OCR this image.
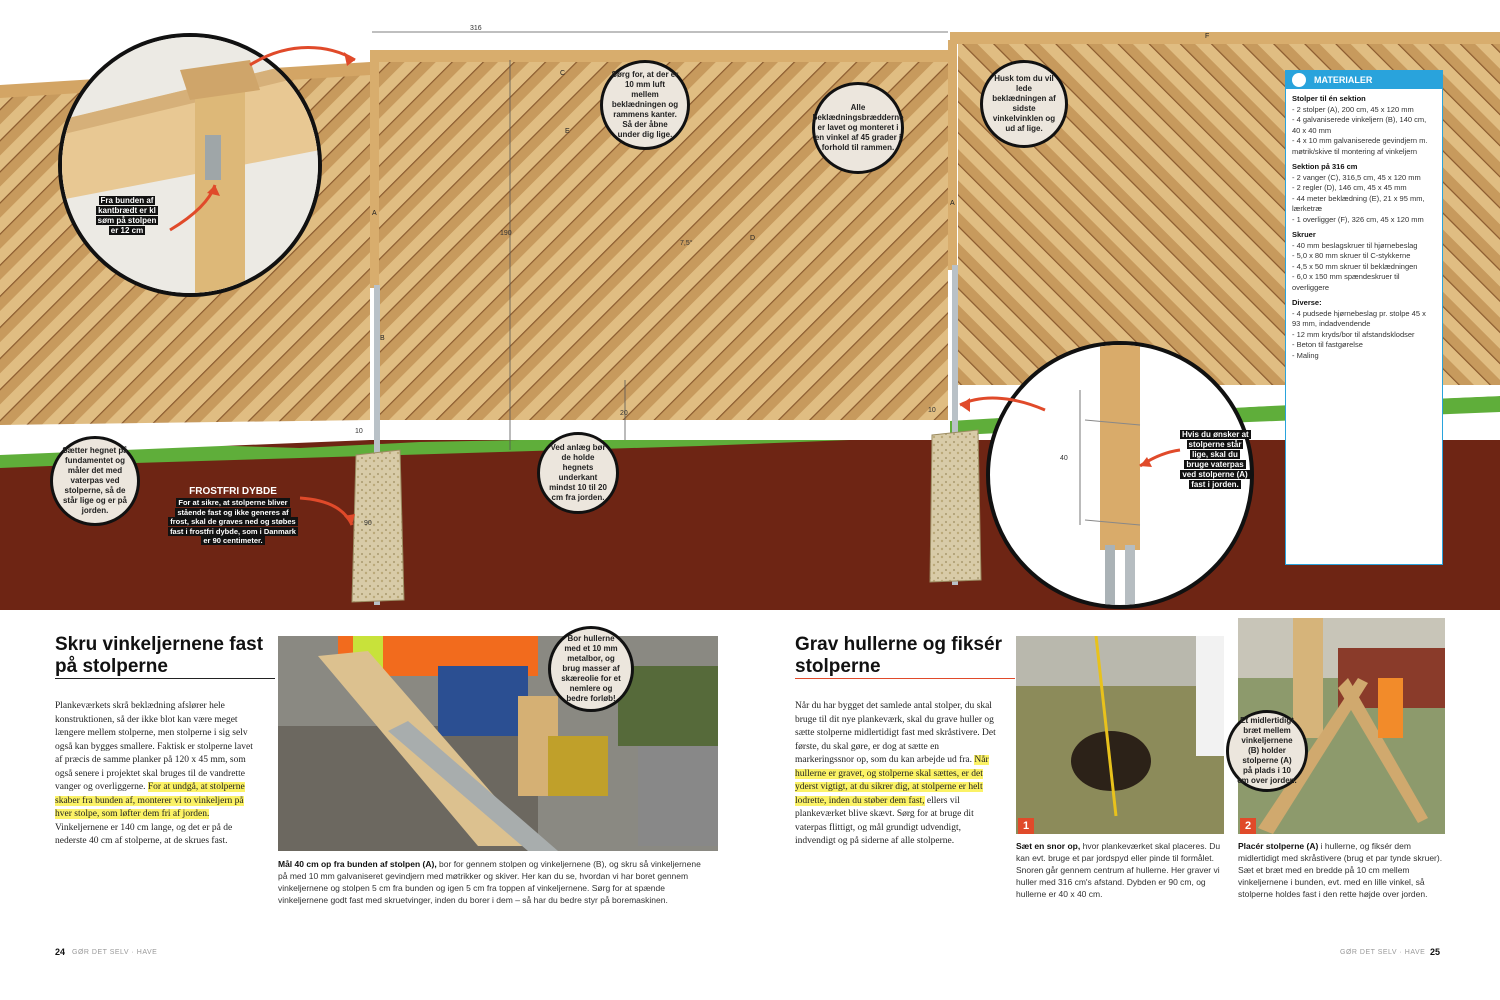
316
190
7,5°
20
10
10
90
A
A
E
C
D
F
B
40
Fra bunden af kantbrædt er kl søm på stolpen er 12 cm
FROSTFRI DYBDE
For at sikre, at stolperne bliver stående fast og ikke generes af frost, skal de graves ned og støbes fast i frostfri dybde, som i Danmark er 90 centimeter.
Hvis du ønsker at stolperne står lige, skal du bruge vaterpas ved stolperne (A) fast i jorden.
Sørg for, at der er 10 mm luft mellem beklædningen og rammens kanter. Så der åbne under dig lige.
Alle beklædningsbrædderne er lavet og monteret i en vinkel af 45 grader i forhold til rammen.
Husk tom du vil lede beklædningen af sidste vinkelvinklen og ud af lige.
Sætter hegnet på fundamentet og måler det med vaterpas ved stolperne, så de står lige og er på jorden.
Ved anlæg bør de holde hegnets underkant mindst 10 til 20 cm fra jorden.
MATERIALER
Stolper til én sektion
- 2 stolper (A), 200 cm, 45 x 120 mm
- 4 galvaniserede vinkeljern (B), 140 cm, 40 x 40 mm
- 4 x 10 mm galvaniserede gevindjern m. møtrik/skive til montering af vinkeljern
Sektion på 316 cm
- 2 vanger (C), 316,5 cm, 45 x 120 mm
- 2 regler (D), 146 cm, 45 x 45 mm
- 44 meter beklædning (E), 21 x 95 mm, lærketræ
- 1 overligger (F), 326 cm, 45 x 120 mm
Skruer
- 40 mm beslagskruer til hjørnebeslag
- 5,0 x 80 mm skruer til C-stykkerne
- 4,5 x 50 mm skruer til beklædningen
- 6,0 x 150 mm spændeskruer til overliggere
Diverse:
- 4 pudsede hjørnebeslag pr. stolpe 45 x 93 mm, indadvendende
- 12 mm kryds/bor til afstandsklodser
- Beton til fastgørelse
- Maling
Skru vinkeljernene fast på stolperne
Plankeværkets skrå beklædning afslører hele konstruktionen, så der ikke blot kan være meget længere mellem stolperne, men stolperne i sig selv også kan bygges smallere. Faktisk er stolperne lavet af præcis de samme planker på 120 x 45 mm, som også senere i projektet skal bruges til de vandrette vanger og overliggerne. For at undgå, at stolperne skaber fra bunden af, monterer vi to vinkeljern på hver stolpe, som løfter dem fri af jorden. Vinkeljernene er 140 cm lange, og det er på de nederste 40 cm af stolperne, at de skrues fast.
Bor hullerne med et 10 mm metalbor, og brug masser af skæreolie for et nemlere og bedre forløb!
Mål 40 cm op fra bunden af stolpen (A), bor for gennem stolpen og vinkeljernene (B), og skru så vinkeljernene på med 10 mm galvaniseret gevindjern med møtrikker og skiver. Her kan du se, hvordan vi har boret gennem vinkeljernene og stolpen 5 cm fra bunden og igen 5 cm fra toppen af vinkeljernene. Sørg for at spænde vinkeljernene godt fast med skruetvinger, inden du borer i dem – så har du bedre styr på boremaskinen.
24 GØR DET SELV · HAVE
Grav hullerne og fiksér stolperne
Når du har bygget det samlede antal stolper, du skal bruge til dit nye plankeværk, skal du grave huller og sætte stolperne midlertidigt fast med skråstivere. Det første, du skal gøre, er dog at sætte en markeringssnor op, som du kan arbejde ud fra. Når hullerne er gravet, og stolperne skal sættes, er det yderst vigtigt, at du sikrer dig, at stolperne er helt lodrette, inden du støber dem fast, ellers vil plankeværket blive skævt. Sørg for at bruge dit vaterpas flittigt, og mål grundigt udvendigt, indvendigt og på siderne af alle stolperne.
1
Sæt en snor op, hvor plankeværket skal placeres. Du kan evt. bruge et par jordspyd eller pinde til formålet. Snoren går gennem centrum af hullerne. Her graver vi huller med 316 cm's afstand. Dybden er 90 cm, og hullerne er 40 x 40 cm.
Et midlertidigt bræt mellem vinkeljernene (B) holder stolperne (A) på plads i 10 cm over jorden.
2
Placér stolperne (A) i hullerne, og fiksér dem midlertidigt med skråstivere (brug et par tynde skruer). Sæt et bræt med en bredde på 10 cm mellem vinkeljernene i bunden, evt. med en lille vinkel, så stolperne holdes fast i den rette højde over jorden.
25
GØR DET SELV · HAVE
